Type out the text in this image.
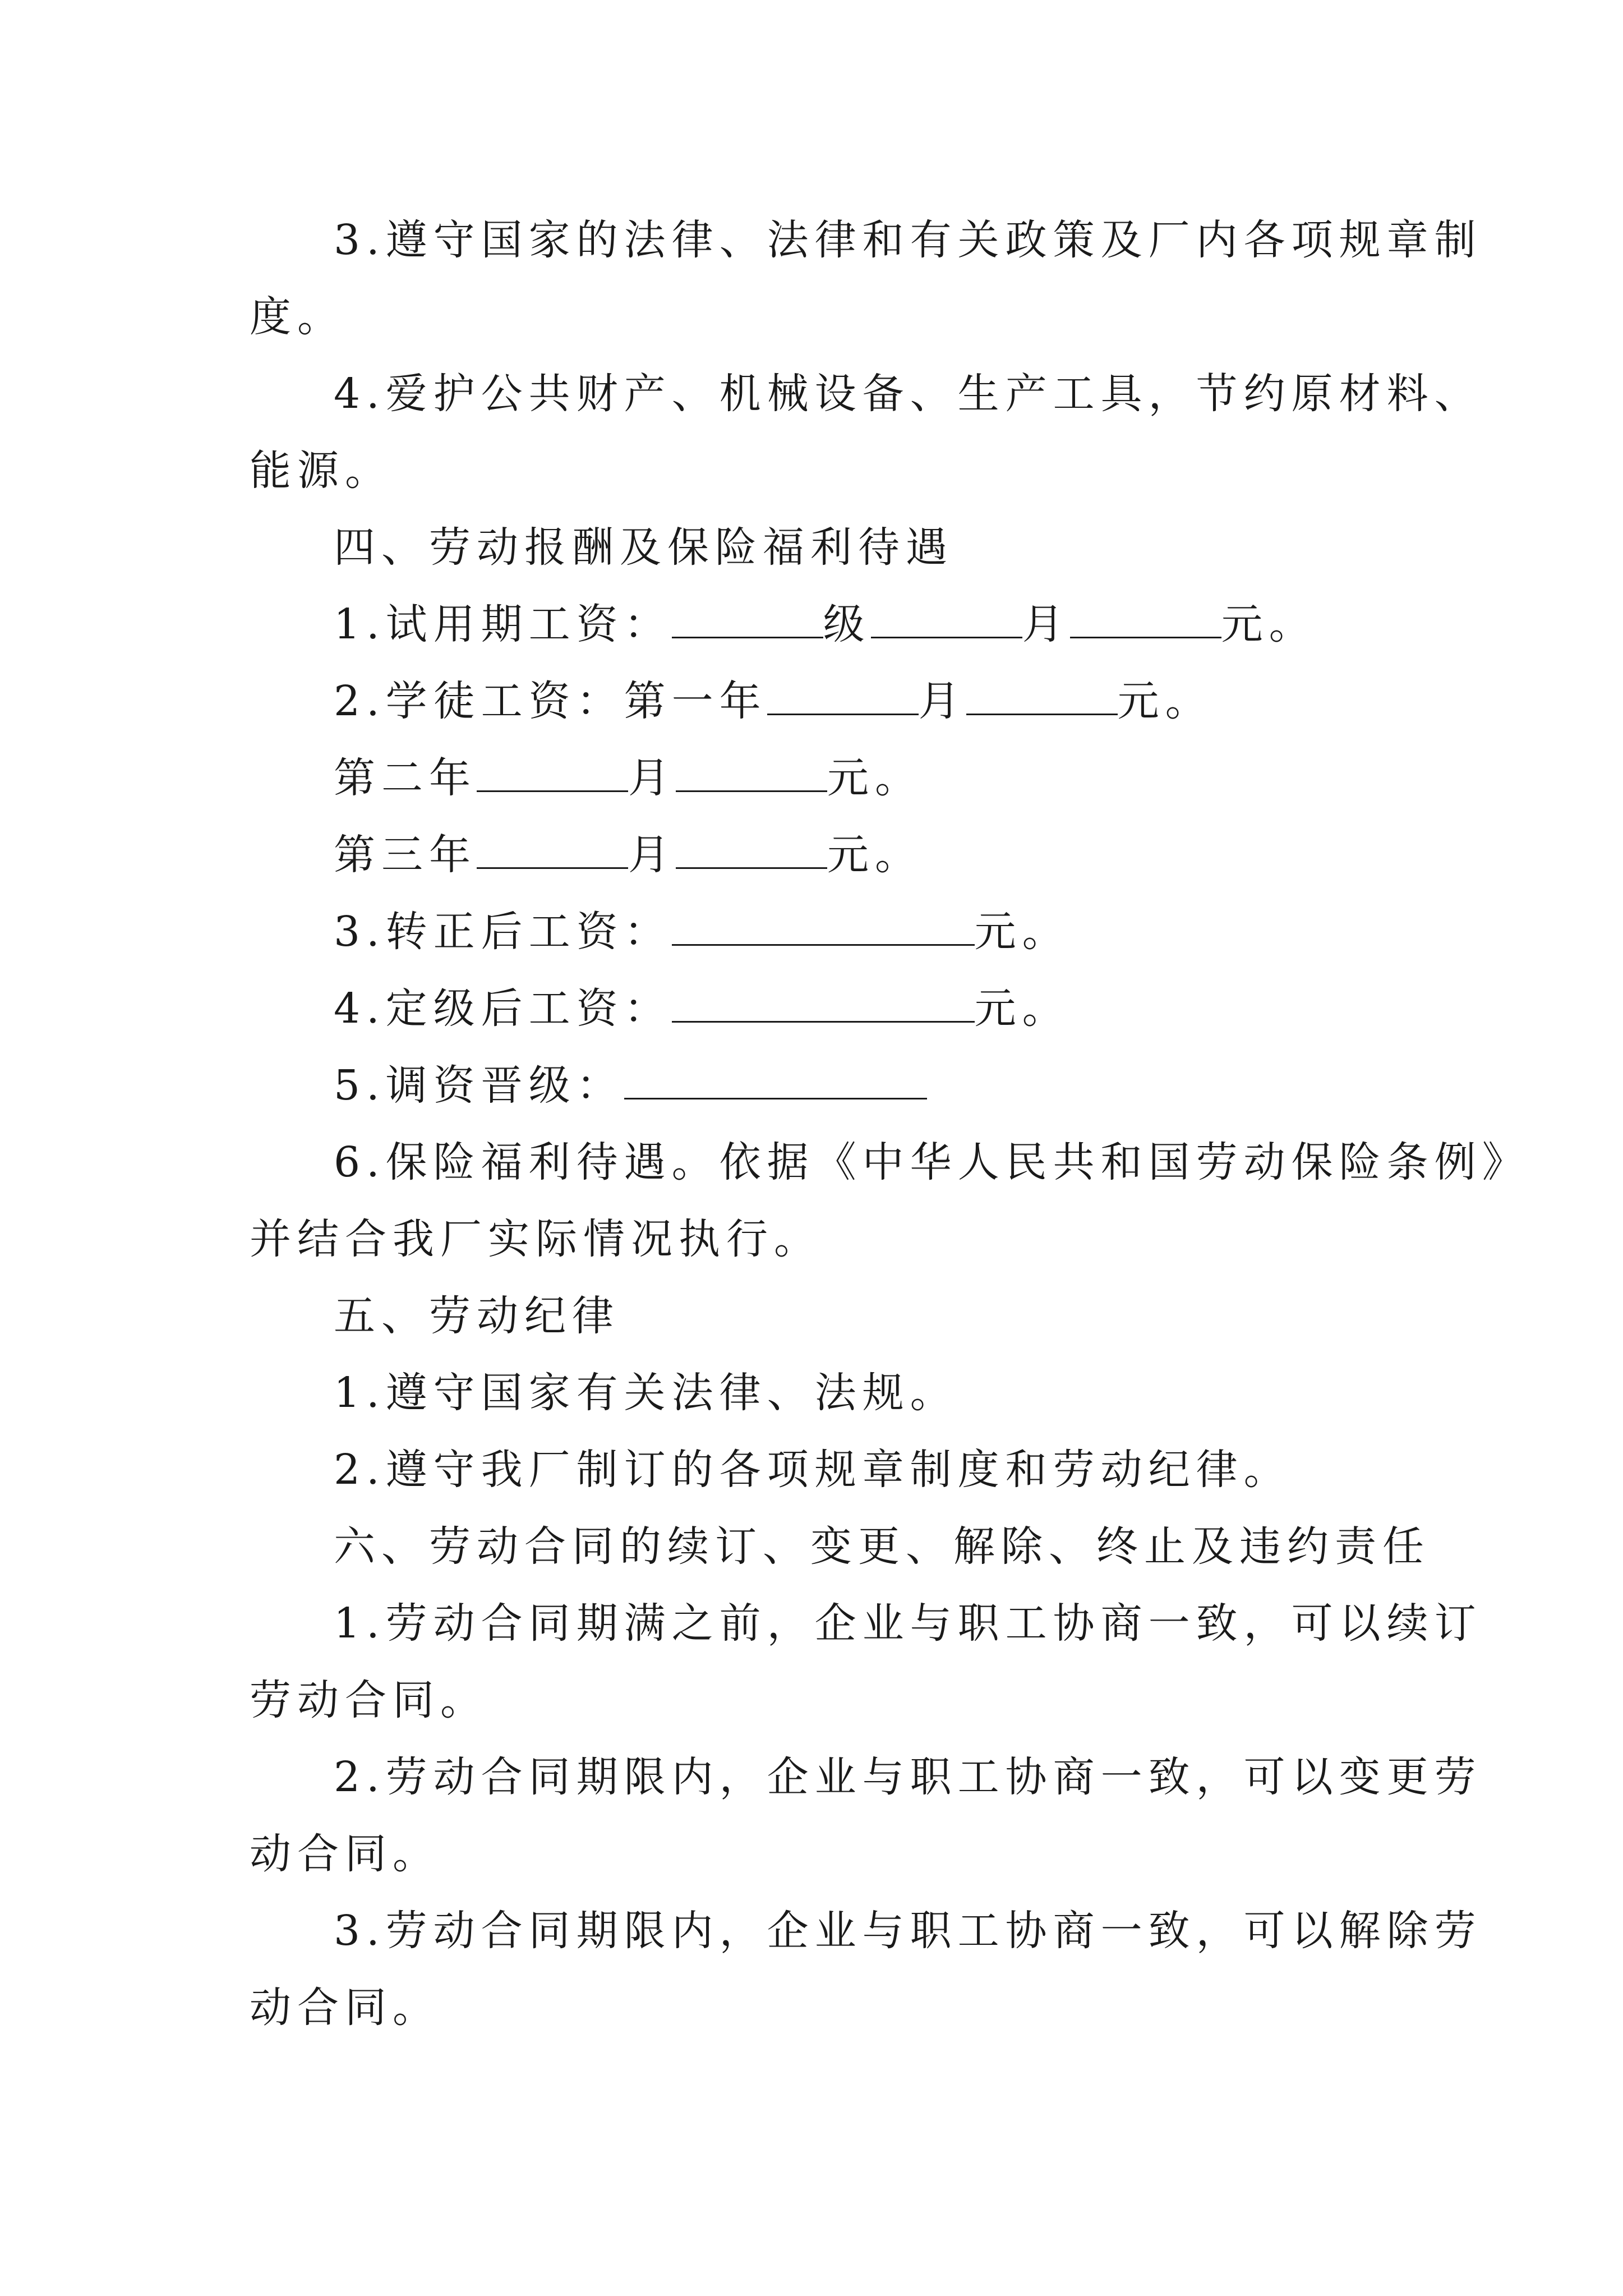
3.遵守国家的法律、法律和有关政策及厂内各项规章制
度。
4.爱护公共财产、机械设备、生产工具，节约原材料、
能源。
四、劳动报酬及保险福利待遇
1.试用期工资：	级	月	元。
2.学徒工资：第一年	月	元。
第二年	月	元。
第三年	月	元。
3.转正后工资：	元。
4.定级后工资：	元。
5.调资晋级：
6.保险福利待遇。依据《中华人民共和国劳动保险条例》
并结合我厂实际情况执行。
五、劳动纪律
1.遵守国家有关法律、法规。
2.遵守我厂制订的各项规章制度和劳动纪律。
六、劳动合同的续订、变更、解除、终止及违约责任
1.劳动合同期满之前，企业与职工协商一致，可以续订
劳动合同。
2.劳动合同期限内，企业与职工协商一致，可以变更劳
动合同。
3.劳动合同期限内，企业与职工协商一致，可以解除劳
动合同。
